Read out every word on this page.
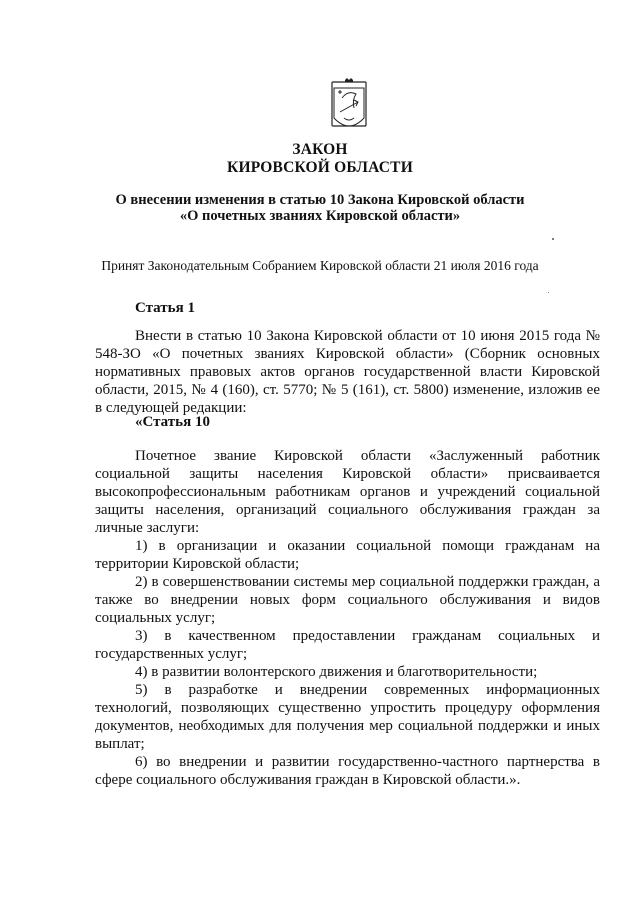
ЗАКОН
КИРОВСКОЙ ОБЛАСТИ
О внесении изменения в статью 10 Закона Кировской области
«О почетных званиях Кировской области»
Принят Законодательным Собранием Кировской области 21 июля 2016 года
Статья 1

Внести в статью 10 Закона Кировской области от 10 июня 2015 года № 548-ЗО «О почетных званиях Кировской области» (Сборник основных нормативных правовых актов органов государственной власти Кировской области, 2015, № 4 (160), ст. 5770; № 5 (161), ст. 5800) изменение, изложив ее в следующей редакции:

«Статья 10

Почетное звание Кировской области «Заслуженный работник социальной защиты населения Кировской области» присваивается высокопрофессиональным работникам органов и учреждений социальной защиты населения, организаций социального обслуживания граждан за личные заслуги:

1) в организации и оказании социальной помощи гражданам на территории Кировской области;

2) в совершенствовании системы мер социальной поддержки граждан, а также во внедрении новых форм социального обслуживания и видов социальных услуг;

3) в качественном предоставлении гражданам социальных и государственных услуг;

4) в развитии волонтерского движения и благотворительности;

5) в разработке и внедрении современных информационных технологий, позволяющих существенно упростить процедуру оформления документов, необходимых для получения мер социальной поддержки и иных выплат;

6) во внедрении и развитии государственно-частного партнерства в сфере социального обслуживания граждан в Кировской области.».
